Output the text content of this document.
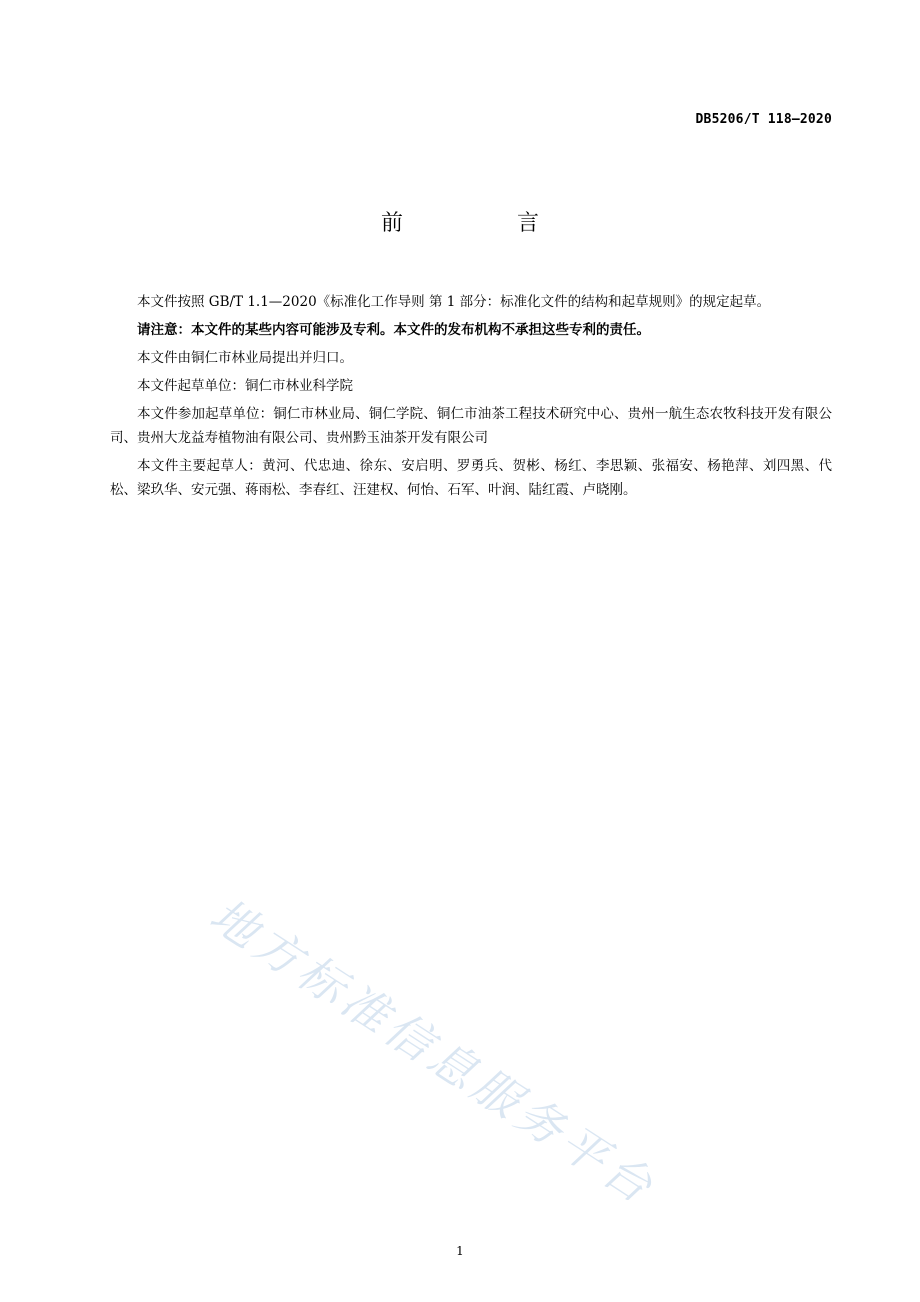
DB5206/T 118—2020
前　言

本文件按照 GB/T 1.1—2020《标准化工作导则 第 1 部分：标准化文件的结构和起草规则》的规定起草。

请注意：本文件的某些内容可能涉及专利。本文件的发布机构不承担这些专利的责任。

本文件由铜仁市林业局提出并归口。

本文件起草单位：铜仁市林业科学院

本文件参加起草单位：铜仁市林业局、铜仁学院、铜仁市油茶工程技术研究中心、贵州一航生态农牧科技开发有限公司、贵州大龙益寿植物油有限公司、贵州黔玉油茶开发有限公司

本文件主要起草人：黄河、代忠迪、徐东、安启明、罗勇兵、贺彬、杨红、李思颖、张福安、杨艳萍、刘四黑、代松、梁玖华、安元强、蒋雨松、李春红、汪建权、何怡、石军、叶润、陆红霞、卢晓刚。

地方标准信息服务平台
1
